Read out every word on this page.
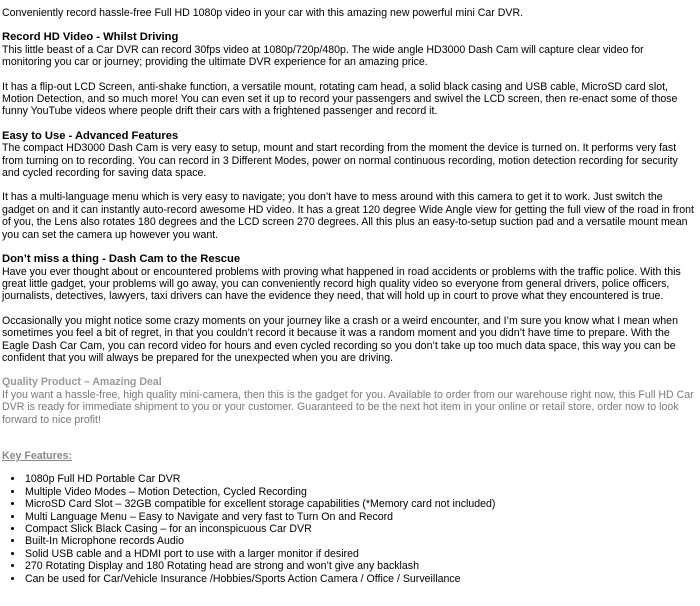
Conveniently record hassle-free Full HD 1080p video in your car with this amazing new powerful mini Car DVR.

Record HD Video - Whilst Driving

This little beast of a Car DVR can record 30fps video at 1080p/720p/480p. The wide angle HD3000 Dash Cam will capture clear video for monitoring you car or journey; providing the ultimate DVR experience for an amazing price.

It has a flip-out LCD Screen, anti-shake function, a versatile mount, rotating cam head, a solid black casing and USB cable, MicroSD card slot, Motion Detection, and so much more! You can even set it up to record your passengers and swivel the LCD screen, then re-enact some of those funny YouTube videos where people drift their cars with a frightened passenger and record it.

Easy to Use - Advanced Features

The compact HD3000 Dash Cam is very easy to setup, mount and start recording from the moment the device is turned on. It performs very fast from turning on to recording. You can record in 3 Different Modes, power on normal continuous recording, motion detection recording for security and cycled recording for saving data space.

It has a multi-language menu which is very easy to navigate; you don’t have to mess around with this camera to get it to work. Just switch the gadget on and it can instantly auto-record awesome HD video. It has a great 120 degree Wide Angle view for getting the full view of the road in front of you, the Lens also rotates 180 degrees and the LCD screen 270 degrees. All this plus an easy-to-setup suction pad and a versatile mount mean you can set the camera up however you want.

Don’t miss a thing - Dash Cam to the Rescue

Have you ever thought about or encountered problems with proving what happened in road accidents or problems with the traffic police. With this great little gadget, your problems will go away, you can conveniently record high quality video so everyone from general drivers, police officers, journalists, detectives, lawyers, taxi drivers can have the evidence they need, that will hold up in court to prove what they encountered is true.

Occasionally you might notice some crazy moments on your journey like a crash or a weird encounter, and I’m sure you know what I mean when sometimes you feel a bit of regret, in that you couldn’t record it because it was a random moment and you didn’t have time to prepare. With the Eagle Dash Car Cam, you can record video for hours and even cycled recording so you don’t take up too much data space, this way you can be confident that you will always be prepared for the unexpected when you are driving.

Quality Product – Amazing Deal

If you want a hassle-free, high quality mini-camera, then this is the gadget for you. Available to order from our warehouse right now, this Full HD Car DVR is ready for immediate shipment to you or your customer. Guaranteed to be the next hot item in your online or retail store, order now to look forward to nice profit!

Key Features:

• 1080p Full HD Portable Car DVR
• Multiple Video Modes – Motion Detection, Cycled Recording
• MicroSD Card Slot – 32GB compatible for excellent storage capabilities (*Memory card not included)
• Multi Language Menu – Easy to Navigate and very fast to Turn On and Record
• Compact Slick Black Casing – for an inconspicuous Car DVR
• Built-In Microphone records Audio
• Solid USB cable and a HDMI port to use with a larger monitor if desired
• 270 Rotating Display and 180 Rotating head are strong and won’t give any backlash
• Can be used for Car/Vehicle Insurance /Hobbies/Sports Action Camera / Office / Surveillance
